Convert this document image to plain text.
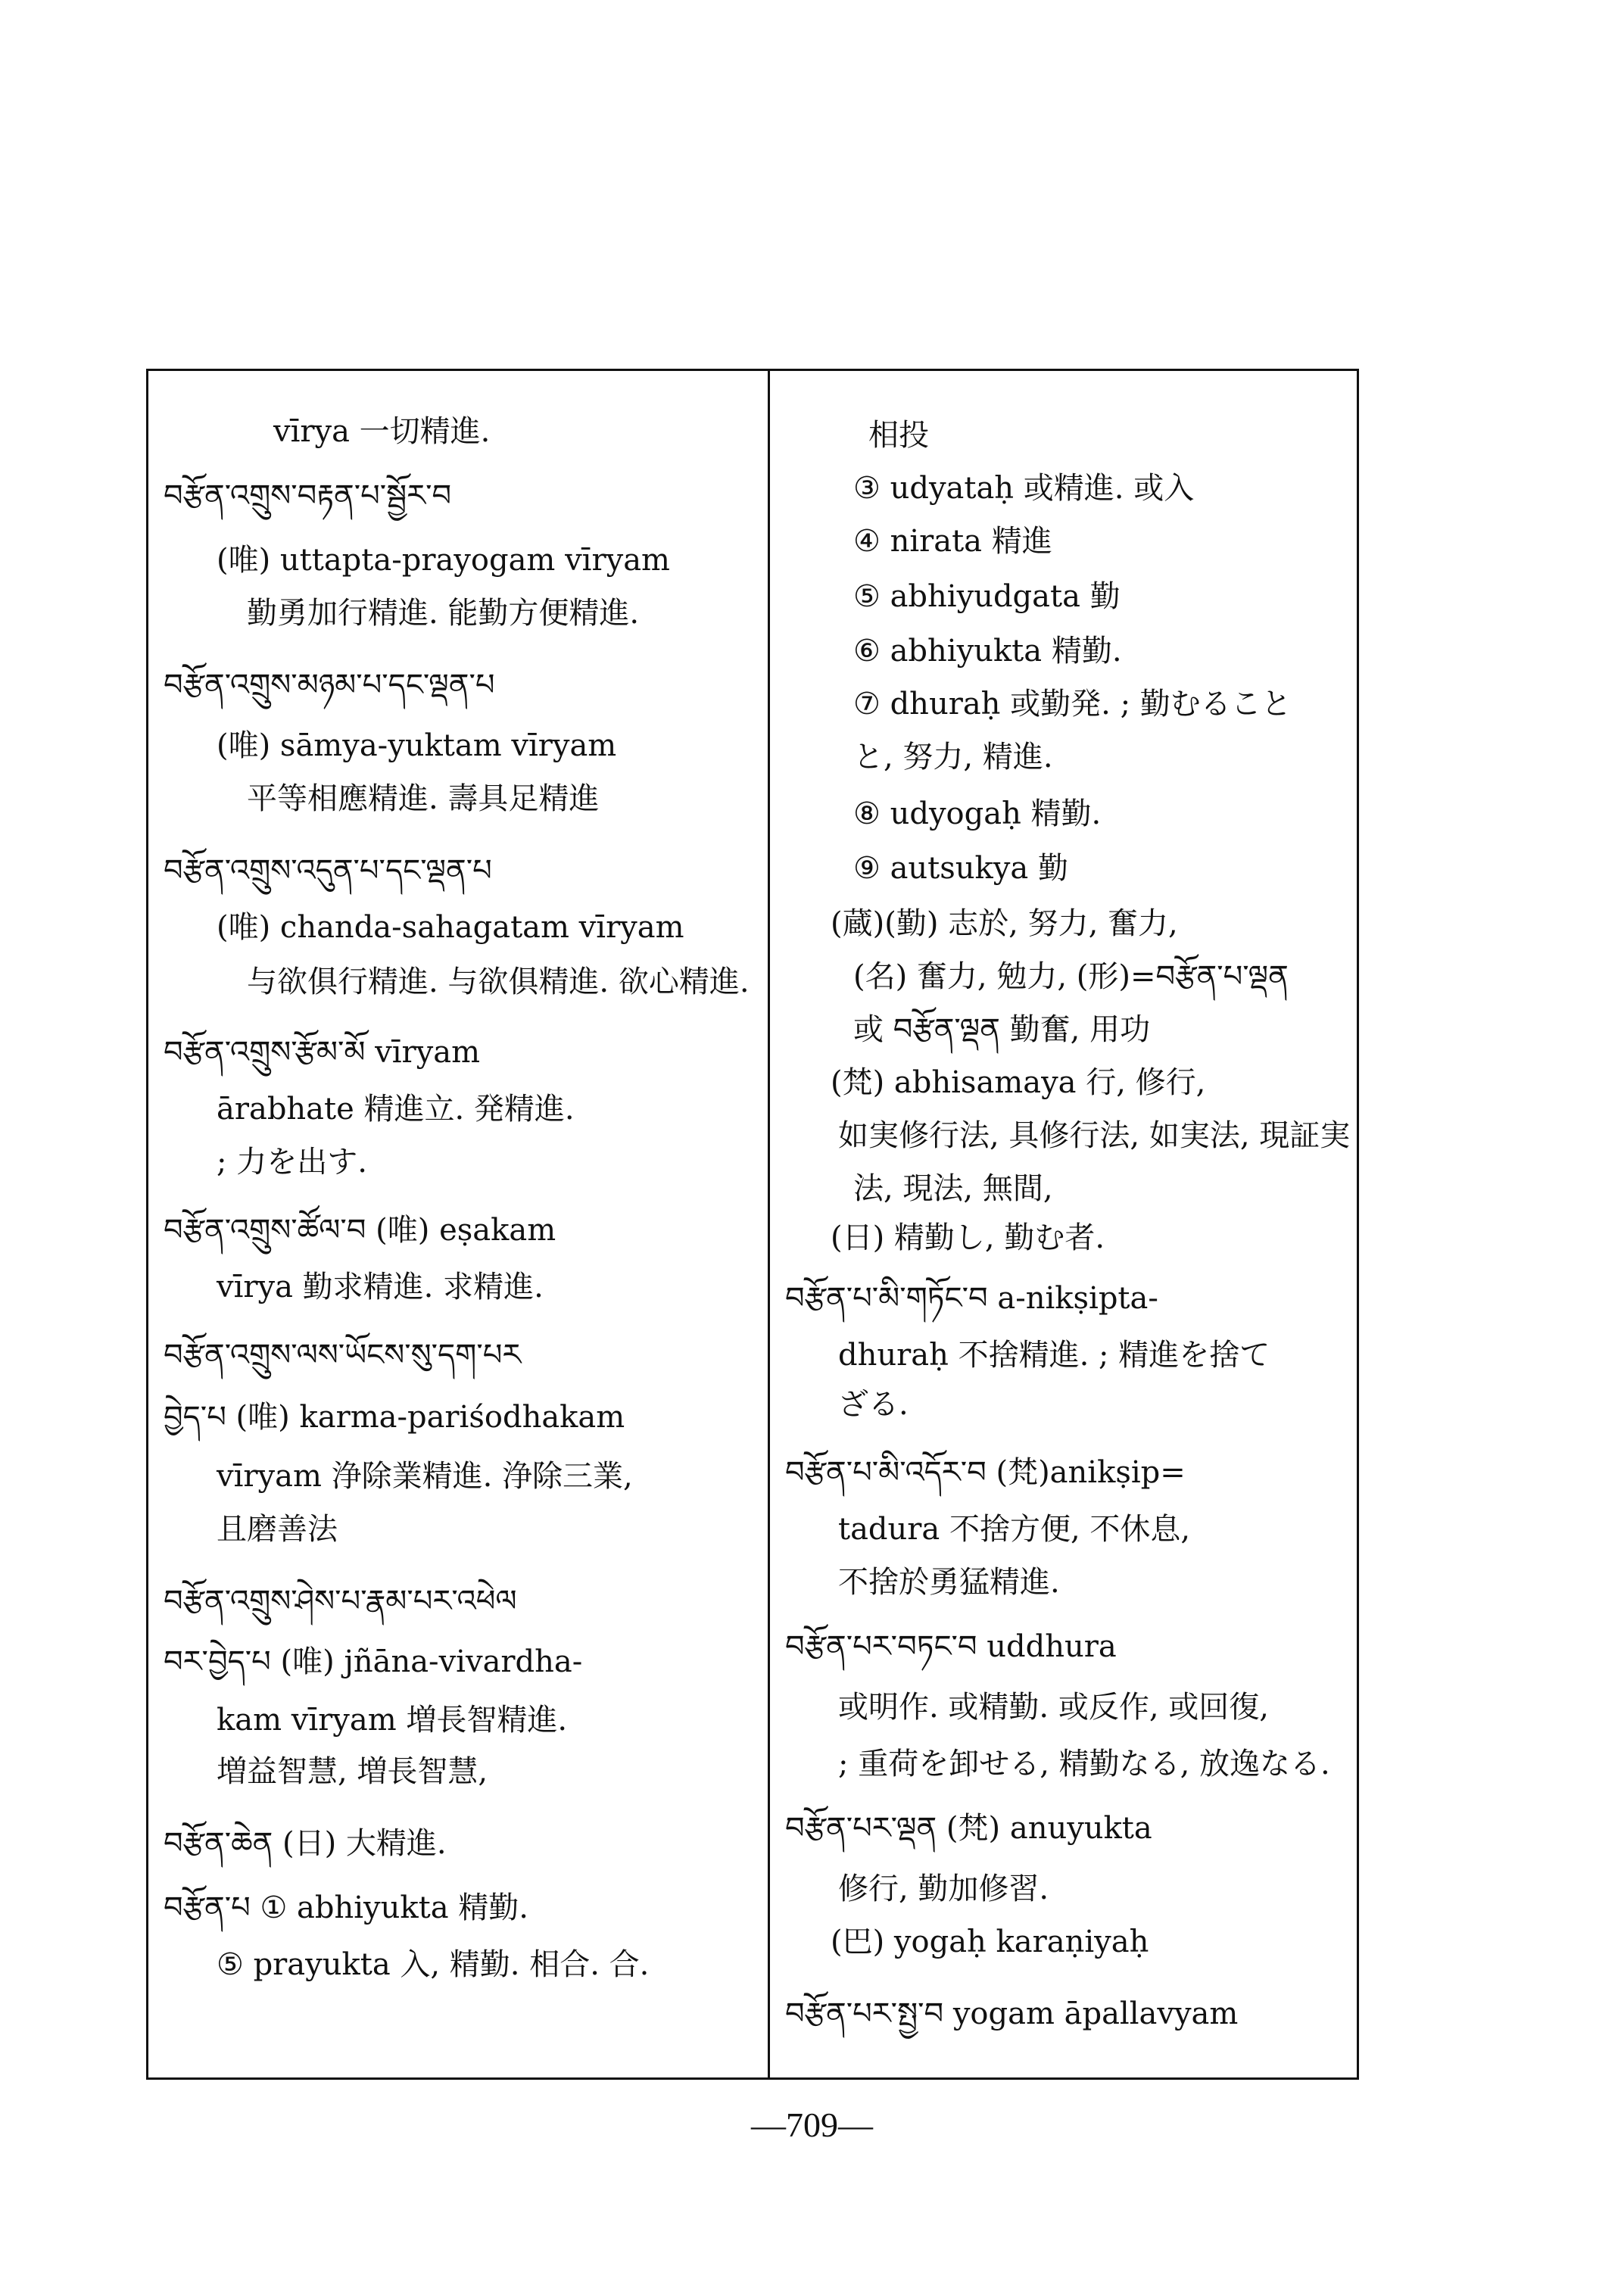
vīrya 一切精進.
བརྩོན་འགྲུས་བརྟན་པ་སྦྱོར་བ
(唯) uttapta-prayogam vīryam
勤勇加行精進. 能勤方便精進.
བརྩོན་འགྲུས་མཉམ་པ་དང་ལྡན་པ
(唯) sāmya-yuktam vīryam
平等相應精進. 壽具足精進
བརྩོན་འགྲུས་འདུན་པ་དང་ལྡན་པ
(唯) chanda-sahagatam vīryam
与欲俱行精進. 与欲俱精進. 欲心精進.
བརྩོན་འགྲུས་རྩོམ་མོ vīryam
ārabhate 精進立. 発精進.
; 力を出す.
བརྩོན་འགྲུས་ཚོལ་བ (唯) eṣakam
vīrya 勤求精進. 求精進.
བརྩོན་འགྲུས་ལས་ཡོངས་སུ་དག་པར
བྱེད་པ (唯) karma-pariśodhakam
vīryam 浄除業精進. 浄除三業,
且磨善法
བརྩོན་འགྲུས་ཤེས་པ་རྣམ་པར་འཕེལ
བར་བྱེད་པ (唯) jñāna-vivardha-
kam vīryam 増長智精進.
増益智慧, 増長智慧,
བརྩོན་ཆེན (日) 大精進.
བརྩོན་པ ① abhiyukta 精勤.
⑤ prayukta 入, 精勤. 相合. 合.
相投
③ udyataḥ 或精進. 或入
④ nirata 精進
⑤ abhiyudgata 勤
⑥ abhiyukta 精勤.
⑦ dhuraḥ 或勤発. ; 勤むること
と, 努力, 精進.
⑧ udyogaḥ 精勤.
⑨ autsukya 勤
(蔵)(勤) 志於, 努力, 奮力,
(名) 奮力, 勉力, (形)=བརྩོན་པ་ལྡན
或 བརྩོན་ལྡན 勤奮, 用功
(梵) abhisamaya 行, 修行,
如実修行法, 具修行法, 如実法, 現証実
法, 現法, 無間,
(日) 精勤し, 勤む者.
བརྩོན་པ་མི་གཏོང་བ a-nikṣipta-
dhuraḥ 不捨精進. ; 精進を捨て
ざる.
བརྩོན་པ་མི་འདོར་བ (梵)anikṣip=
tadura 不捨方便, 不休息,
不捨於勇猛精進.
བརྩོན་པར་བཏང་བ uddhura
或明作. 或精勤. 或反作, 或回復,
; 重荷を卸せる, 精勤なる, 放逸なる.
བརྩོན་པར་ལྡན (梵) anuyukta
修行, 勤加修習.
(巴) yogaḥ karaṇiyaḥ
བརྩོན་པར་སྤྱ་བ yogam āpallavyam
—709—
